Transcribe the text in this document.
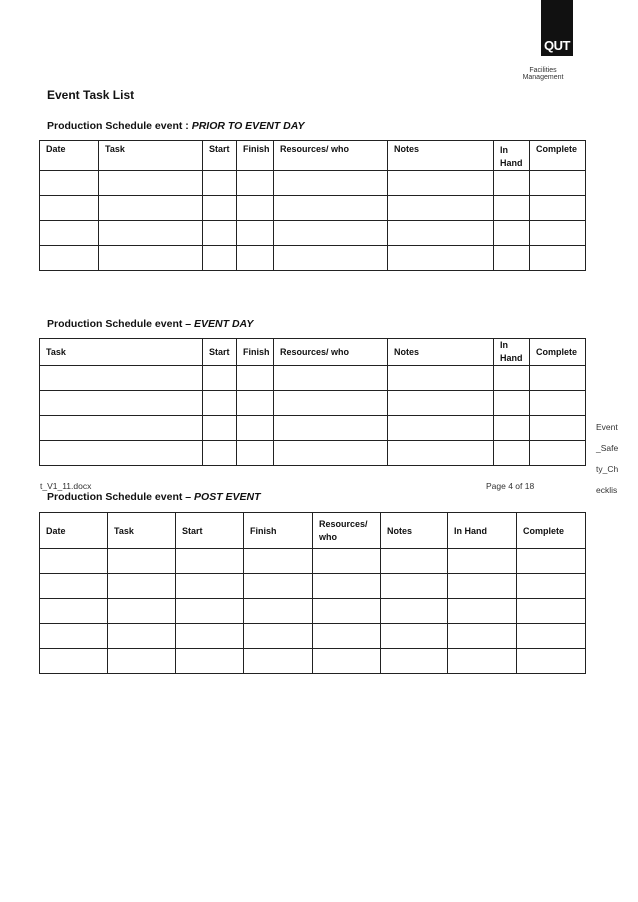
QUT
Facilities Management
Event Task List
Production Schedule event : PRIOR TO EVENT DAY
Date	Task	Start	Finish	Resources/ who	Notes	In Hand	Complete

Production Schedule event – EVENT DAY
Task	Start	Finish	Resources/ who	Notes	In Hand	Complete

Event
_Safe
ty_Ch
ecklis
t_V1_11.docx	Page 4 of 18
Production Schedule event – POST EVENT
Date	Task	Start	Finish	Resources/ who	Notes	In Hand	Complete
